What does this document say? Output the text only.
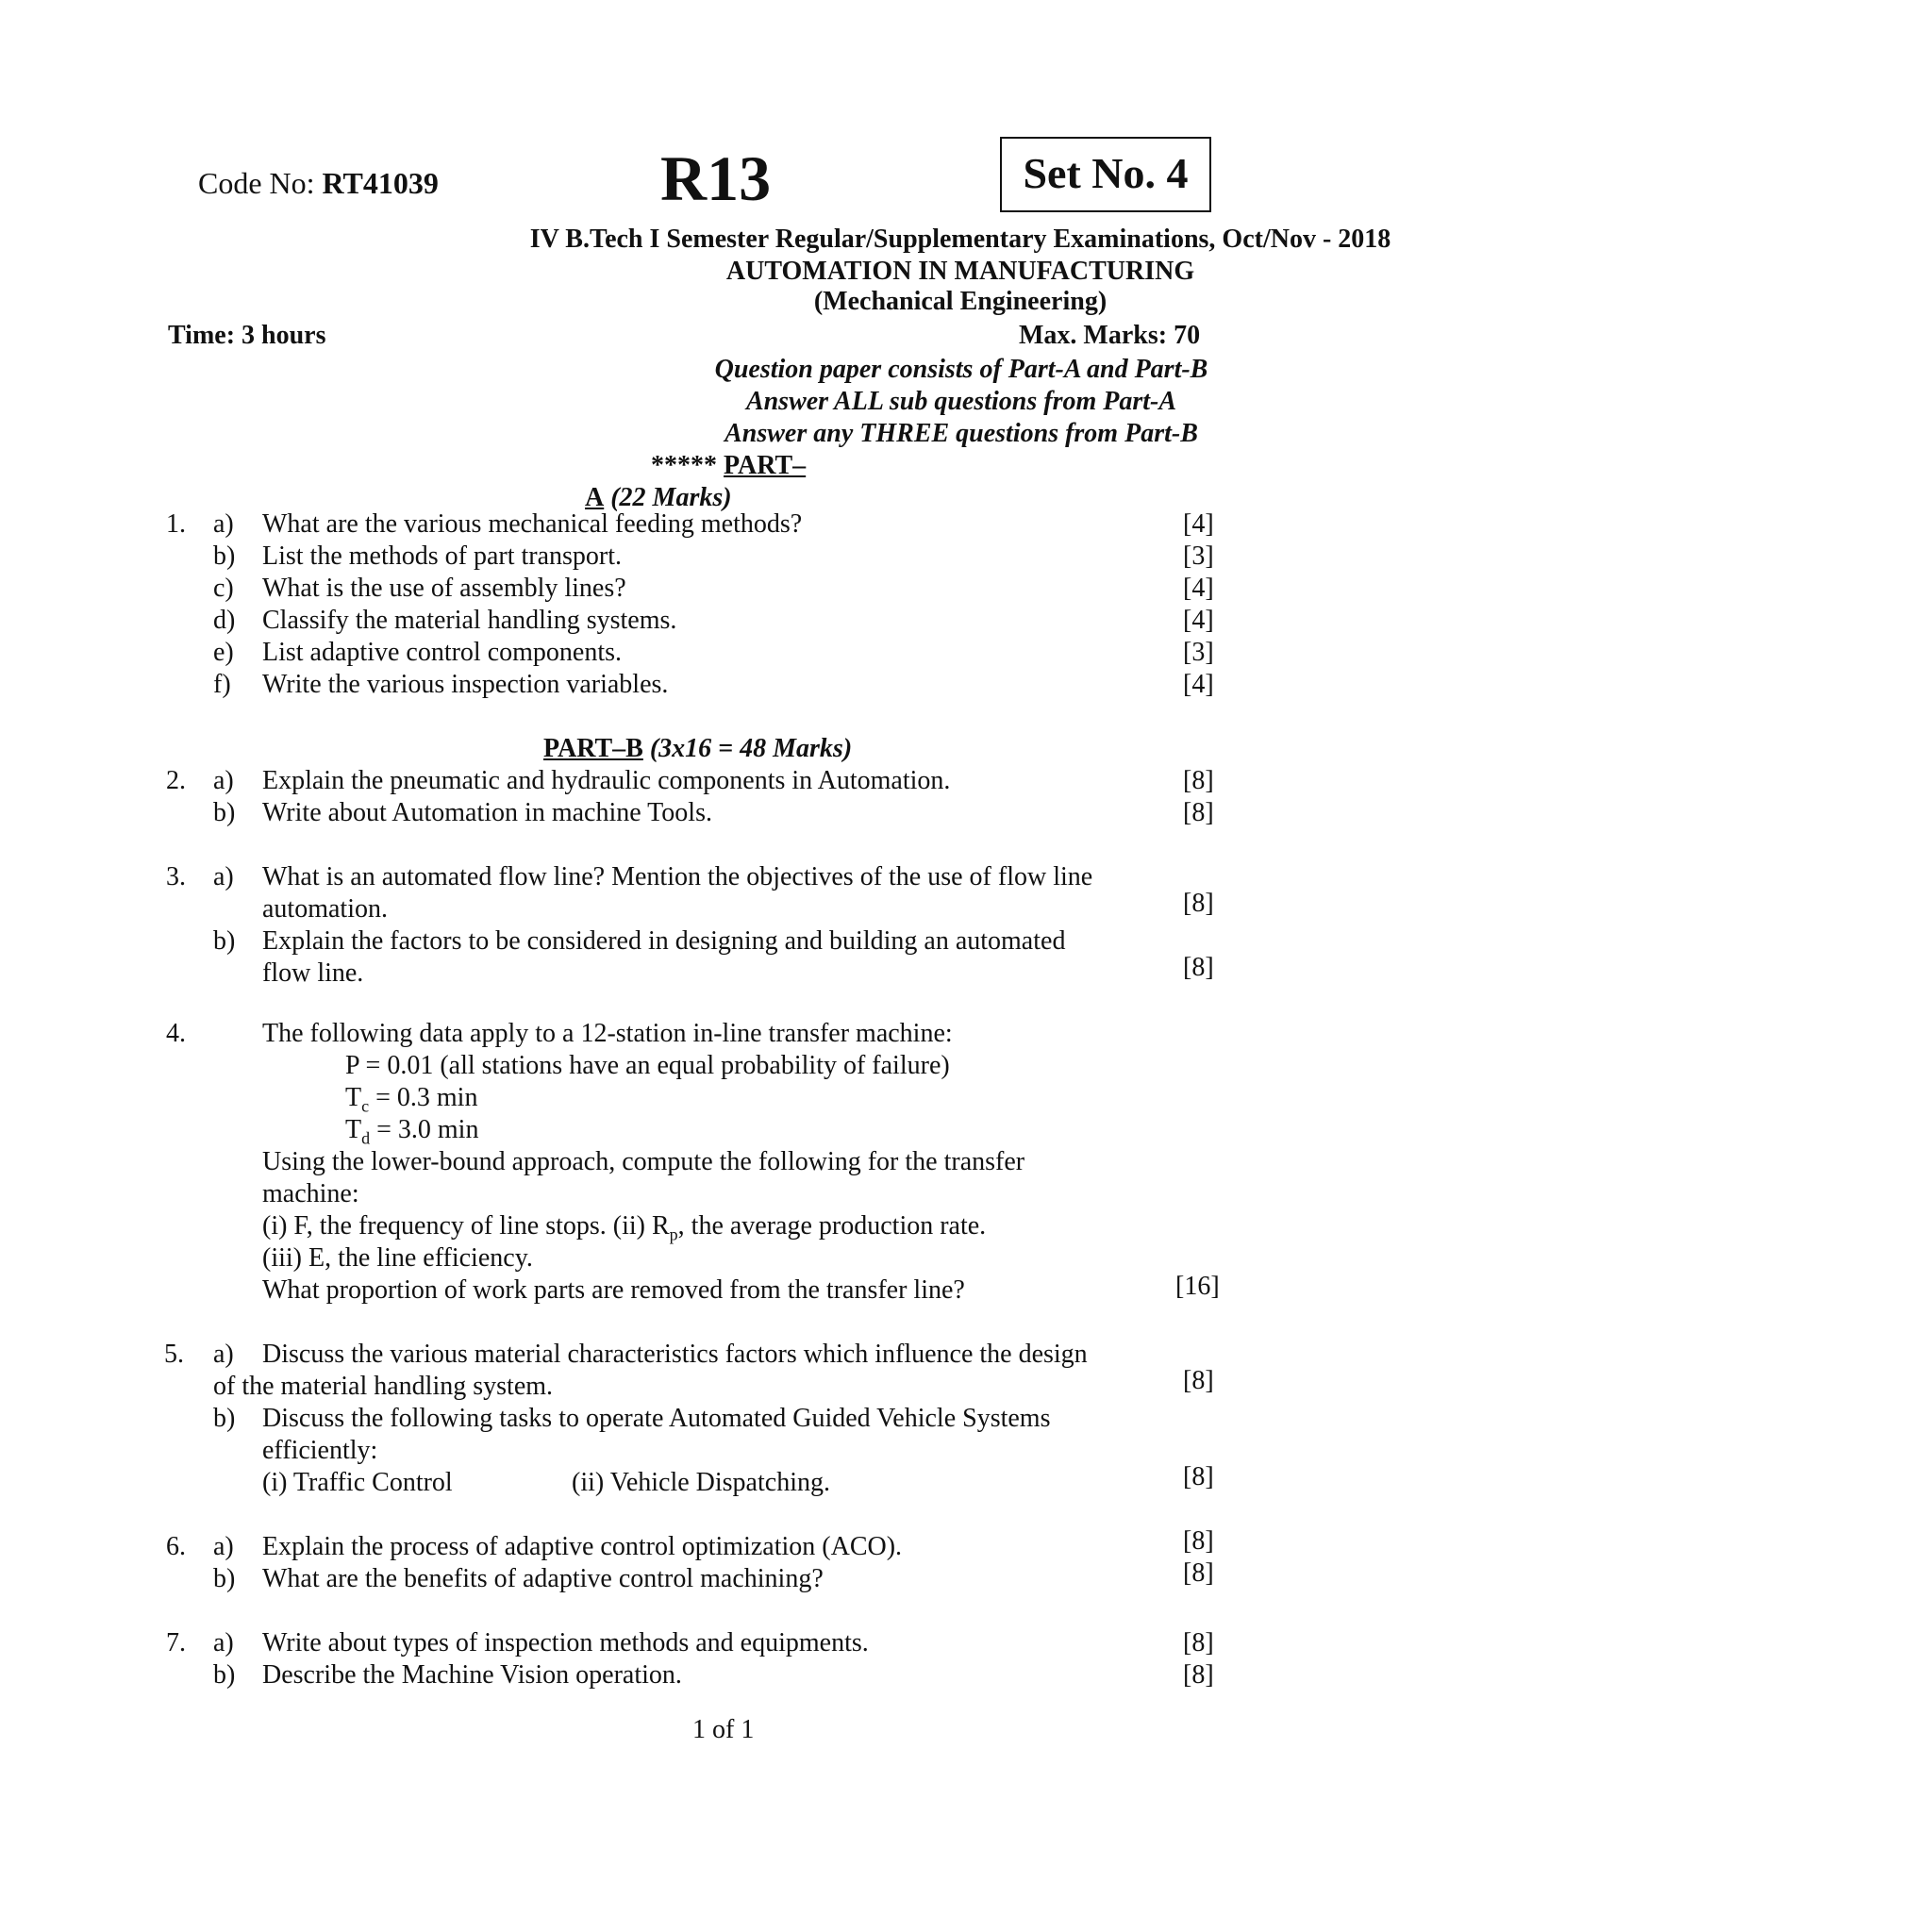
Code No: RT41039	R13	Set No. 4
IV B.Tech I Semester Regular/Supplementary Examinations, Oct/Nov - 2018
AUTOMATION IN MANUFACTURING
(Mechanical Engineering)
Time: 3 hours	Max. Marks: 70
Question paper consists of Part-A and Part-B
Answer ALL sub questions from Part-A
Answer any THREE questions from Part-B
***** PART–
A (22 Marks)
1. a) What are the various mechanical feeding methods?	[4]
b) List the methods of part transport.	[3]
c) What is the use of assembly lines?	[4]
d) Classify the material handling systems.	[4]
e) List adaptive control components.	[3]
f) Write the various inspection variables.	[4]
PART–B (3x16 = 48 Marks)
2. a) Explain the pneumatic and hydraulic components in Automation.	[8]
b) Write about Automation in machine Tools.	[8]
3. a) What is an automated flow line? Mention the objectives of the use of flow line
automation.	[8]
b) Explain the factors to be considered in designing and building an automated
flow line.	[8]
4.	The following data apply to a 12-station in-line transfer machine:
P = 0.01 (all stations have an equal probability of failure)
$T_c = 0.3$ min
$T_d = 3.0$ min
Using the lower-bound approach, compute the following for the transfer
machine:
(i) F, the frequency of line stops. (ii) $R_p$, the average production rate.
(iii) E, the line efficiency.
What proportion of work parts are removed from the transfer line?	[16]
5. a) Discuss the various material characteristics factors which influence the design
of the material handling system.	[8]
b) Discuss the following tasks to operate Automated Guided Vehicle Systems
efficiently:
(i) Traffic Control	(ii) Vehicle Dispatching.	[8]
6. a) Explain the process of adaptive control optimization (ACO).	[8]
b) What are the benefits of adaptive control machining?	[8]
7. a) Write about types of inspection methods and equipments.	[8]
b) Describe the Machine Vision operation.	[8]
1 of 1
